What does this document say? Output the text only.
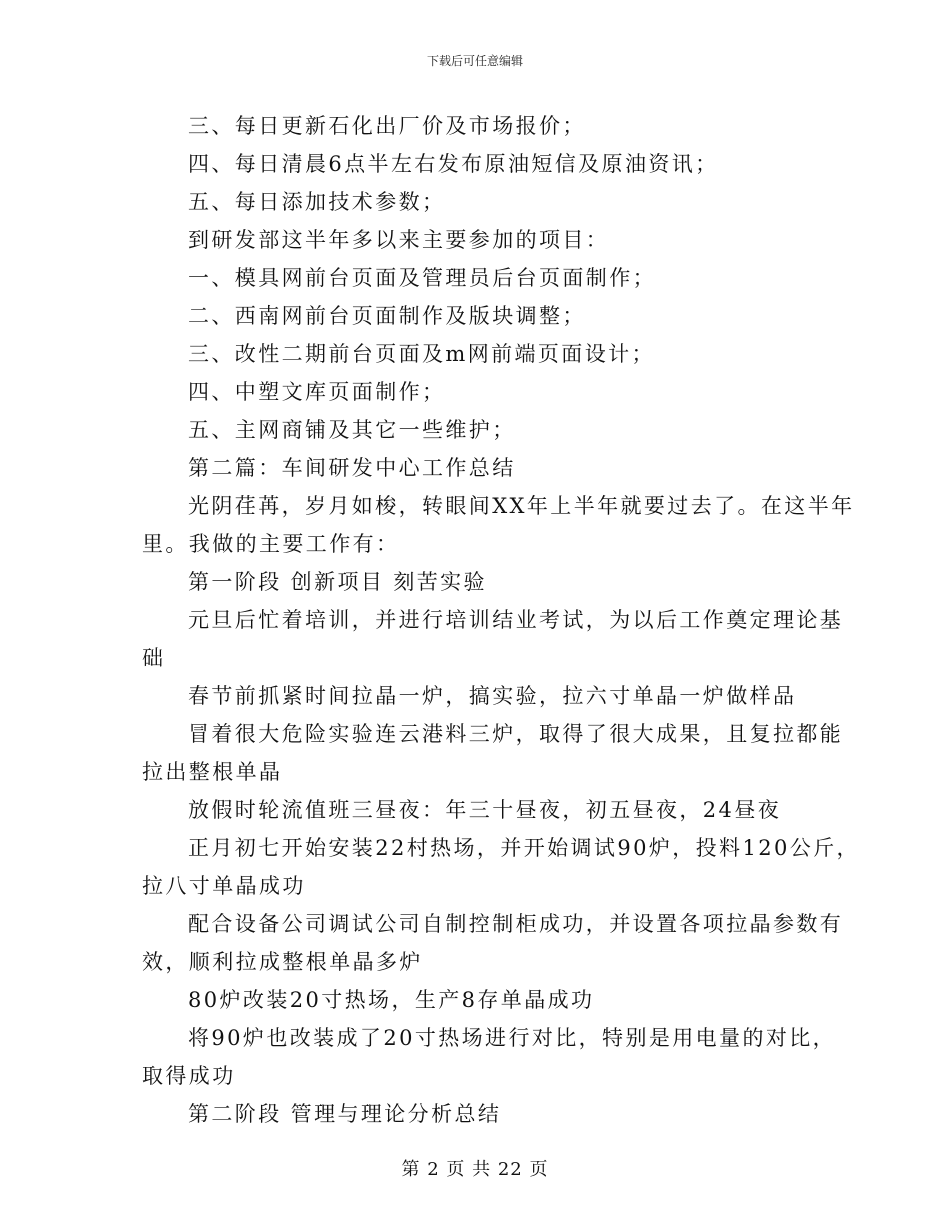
下载后可任意编辑
三、每日更新石化出厂价及市场报价；
四、每日清晨6点半左右发布原油短信及原油资讯；
五、每日添加技术参数；
到研发部这半年多以来主要参加的项目：
一、模具网前台页面及管理员后台页面制作；
二、西南网前台页面制作及版块调整；
三、改性二期前台页面及m网前端页面设计；
四、中塑文库页面制作；
五、主网商铺及其它一些维护；
第二篇：车间研发中心工作总结
光阴荏苒，岁月如梭，转眼间XX年上半年就要过去了。在这半年
里。我做的主要工作有：
第一阶段 创新项目 刻苦实验
元旦后忙着培训，并进行培训结业考试，为以后工作奠定理论基
础
春节前抓紧时间拉晶一炉，搞实验，拉六寸单晶一炉做样品
冒着很大危险实验连云港料三炉，取得了很大成果，且复拉都能
拉出整根单晶
放假时轮流值班三昼夜：年三十昼夜，初五昼夜，24昼夜
正月初七开始安装22村热场，并开始调试90炉，投料120公斤，
拉八寸单晶成功
配合设备公司调试公司自制控制柜成功，并设置各项拉晶参数有
效，顺利拉成整根单晶多炉
80炉改装20寸热场，生产8存单晶成功
将90炉也改装成了20寸热场进行对比，特别是用电量的对比，
取得成功
第二阶段 管理与理论分析总结
第 2 页 共 22 页
